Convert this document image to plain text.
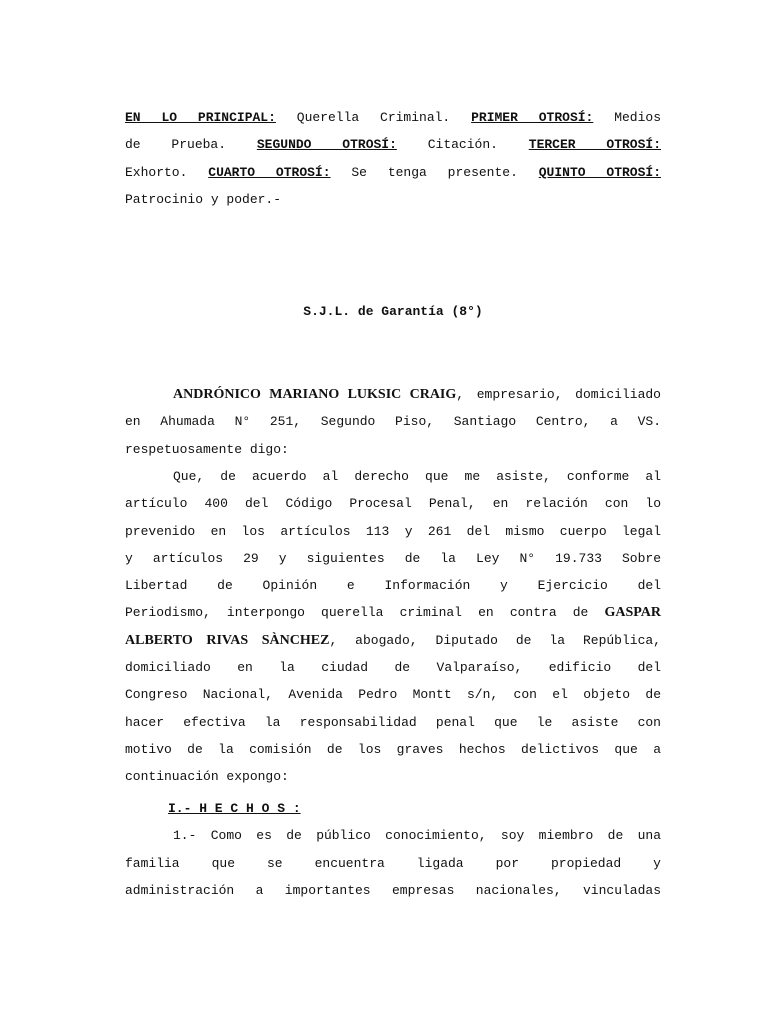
EN LO PRINCIPAL: Querella Criminal. PRIMER OTROSÍ: Medios
de Prueba. SEGUNDO OTROSÍ: Citación. TERCER OTROSÍ:
Exhorto. CUARTO OTROSÍ: Se tenga presente. QUINTO OTROSÍ:
Patrocinio y poder.-
S.J.L. de Garantía (8°)
ANDRÓNICO MARIANO LUKSIC CRAIG, empresario, domiciliado
en Ahumada N° 251, Segundo Piso, Santiago Centro, a VS.
respetuosamente digo:
Que, de acuerdo al derecho que me asiste, conforme al
artículo 400 del Código Procesal Penal, en relación con lo
prevenido en los artículos 113 y 261 del mismo cuerpo legal
y artículos 29 y siguientes de la Ley N° 19.733 Sobre
Libertad de Opinión e Información y Ejercicio del
Periodismo, interpongo querella criminal en contra de GASPAR
ALBERTO RIVAS SÀNCHEZ, abogado, Diputado de la República,
domiciliado en la ciudad de Valparaíso, edificio del
Congreso Nacional, Avenida Pedro Montt s/n, con el objeto de
hacer efectiva la responsabilidad penal que le asiste con
motivo de la comisión de los graves hechos delictivos que a
continuación expongo:
I.- H E C H O S :
1.- Como es de público conocimiento, soy miembro de una
familia que se encuentra ligada por propiedad y
administración a importantes empresas nacionales, vinculadas
